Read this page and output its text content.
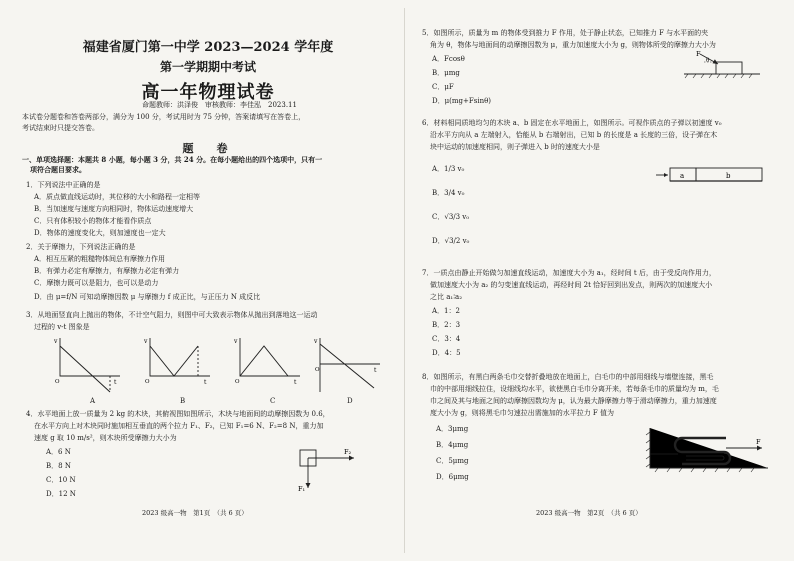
福建省厦门第一中学 2023—2024 学年度
第一学期期中考试
高一年物理试卷
命题教师：洪泽俊　审核教师：李佳泓　2023.11
本试卷分题卷和答卷两部分，满分为 100 分，考试用时为 75 分钟，答案请填写在答卷上，
考试结束时只提交答卷。
题　卷
一、单项选择题：本题共 8 小题，每小题 3 分，共 24 分。在每小题给出的四个选项中，只有一
项符合题目要求。
1．下列说法中正确的是
A．质点做直线运动时，其位移的大小和路程一定相等
B．当加速度与速度方向相同时，物体运动速度增大
C．只有体积较小的物体才能看作质点
D．物体的速度变化大，则加速度也一定大
2．关于摩擦力，下列说法正确的是
A．相互压紧的粗糙物体间总有摩擦力作用
B．有弹力必定有摩擦力，有摩擦力必定有弹力
C．摩擦力既可以是阻力，也可以是动力
D．由 μ=f/N 可知动摩擦因数 μ 与摩擦力 f 成正比，与正压力 N 成反比
3．从地面竖直向上抛出的物体，不计空气阻力，则图中可大致表示物体从抛出到落地这一运动
过程的 v-t 图象是
v
t
O
v
t
O
v
t
O
v
t
O
A	B	C	D
4．水平地面上放一质量为 2 kg 的木块，其俯视图如图所示，木块与地面间的动摩擦因数为 0.6，
在水平方向上对木块同时施加相互垂直的两个拉力 F₁、F₂，已知 F₁=6 N、F₂=8 N，重力加
速度 g 取 10 m/s²，则木块所受摩擦力大小为
A．6 N
B．8 N
C．10 N
D．12 N
F₂
F₁
2023 级高一物　第1页　（共 6 页）
5．如图所示，质量为 m 的物体受到推力 F 作用，处于静止状态，已知推力 F 与水平面的夹
角为 θ，物体与地面间的动摩擦因数为 μ，重力加速度大小为 g，则物体所受的摩擦力大小为
A．Fcosθ
B．μmg
C．μF
D．μ(mg+Fsinθ)
F
θ
6．材料相同质地均匀的木块 a、b 固定在水平地面上，如图所示。可视作质点的子弹以初速度 v₀
沿水平方向从 a 左端射入，恰能从 b 右端射出，已知 b 的长度是 a 长度的三倍，设子弹在木
块中运动的加速度相同，则子弹进入 b 时的速度大小是
A．1/3 v₀
B．3/4 v₀
C．√3/3 v₀
D．√3/2 v₀
a	b
7．一质点由静止开始做匀加速直线运动，加速度大小为 a₁，经时间 t 后，由于受反向作用力，
做加速度大小为 a₂ 的匀变速直线运动，再经时间 2t 恰好回到出发点，则两次的加速度大小
之比 a₁∶a₂
A．1：2
B．2：3
C．3：4
D．4：5
8．如图所示，有黑白两条毛巾交替折叠地放在地面上，白毛巾的中部用细线与墙壁连接，黑毛
巾的中部用细线拉住，设细线均水平，欲使黑白毛巾分离开来，若每条毛巾的质量均为 m，毛
巾之间及其与地面之间的动摩擦因数均为 μ，认为最大静摩擦力等于滑动摩擦力，重力加速度
度大小为 g，则将黑毛巾匀速拉出需施加的水平拉力 F 值为
A．3μmg
B．4μmg
C．5μmg
D．6μmg
F
2023 级高一物　第2页　（共 6 页）
